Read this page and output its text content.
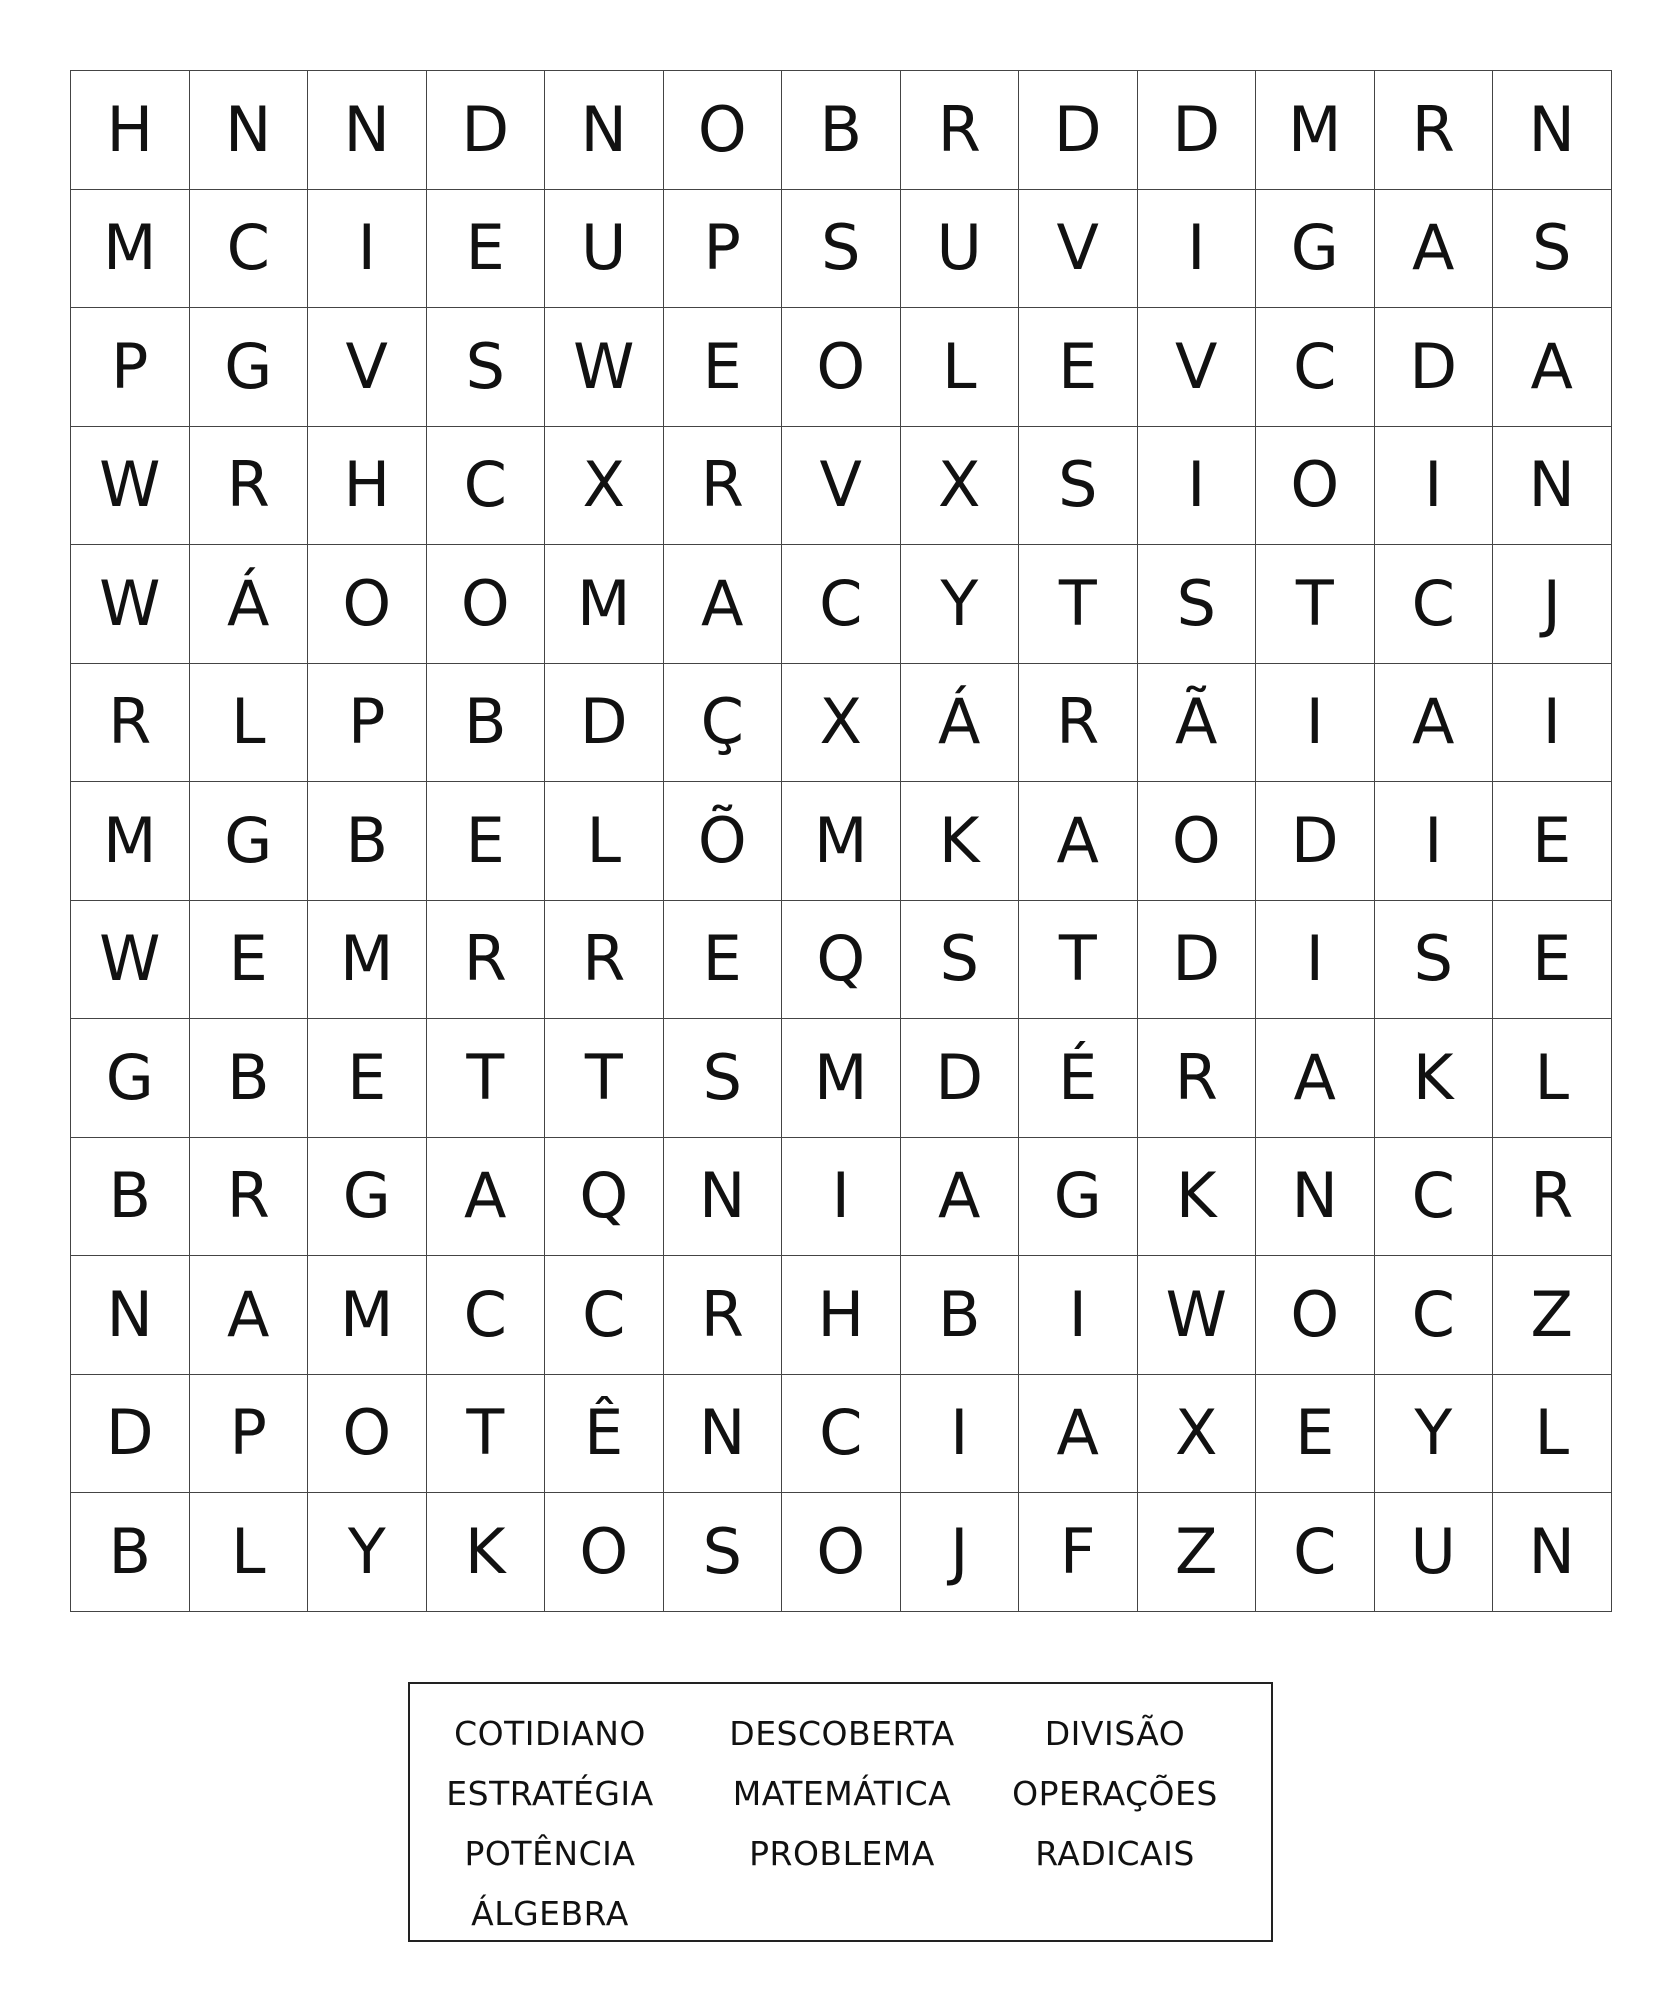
H	N	N	D	N	O	B	R	D	D	M	R	N
M	C	I	E	U	P	S	U	V	I	G	A	S
P	G	V	S	W	E	O	L	E	V	C	D	A
W	R	H	C	X	R	V	X	S	I	O	I	N
W	Á	O	O	M	A	C	Y	T	S	T	C	J
R	L	P	B	D	Ç	X	Á	R	Ã	I	A	I
M	G	B	E	L	Õ	M	K	A	O	D	I	E
W	E	M	R	R	E	Q	S	T	D	I	S	E
G	B	E	T	T	S	M	D	É	R	A	K	L
B	R	G	A	Q	N	I	A	G	K	N	C	R
N	A	M	C	C	R	H	B	I	W	O	C	Z
D	P	O	T	Ê	N	C	I	A	X	E	Y	L
B	L	Y	K	O	S	O	J	F	Z	C	U	N
COTIDIANO
ESTRATÉGIA
POTÊNCIA
ÁLGEBRA
DESCOBERTA
MATEMÁTICA
PROBLEMA
DIVISÃO
OPERAÇÕES
RADICAIS
